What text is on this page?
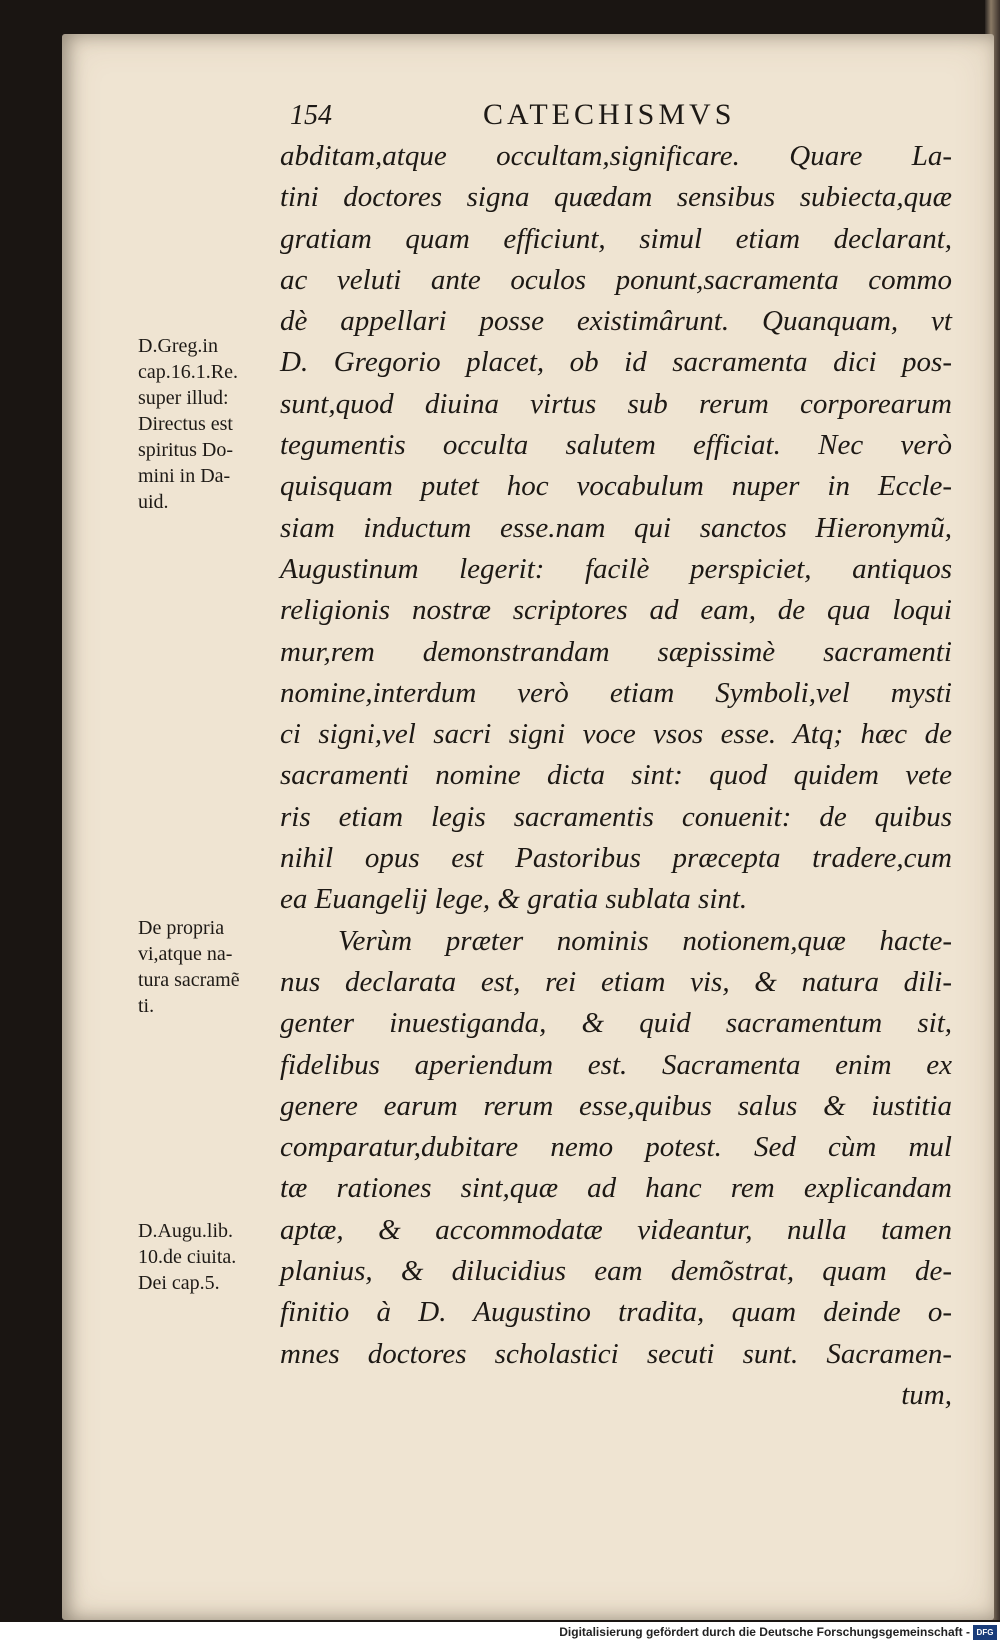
154	CATECHISMVS
abditam,atque occultam,significare. Quare La-
tini doctores signa quædam sensibus subiecta,quæ
gratiam quam efficiunt, simul etiam declarant,
ac veluti ante oculos ponunt,sacramenta commo
dè appellari posse existimârunt. Quanquam, vt
D. Gregorio placet, ob id sacramenta dici pos-
sunt,quod diuina virtus sub rerum corporearum
tegumentis occulta salutem efficiat. Nec verò
quisquam putet hoc vocabulum nuper in Eccle-
siam inductum esse.nam qui sanctos Hieronymũ,
Augustinum legerit: facilè perspiciet, antiquos
religionis nostræ scriptores ad eam, de qua loqui
mur,rem demonstrandam sæpissimè sacramenti
nomine,interdum verò etiam Symboli,vel mysti
ci signi,vel sacri signi voce vsos esse. Atq; hæc de
sacramenti nomine dicta sint: quod quidem vete
ris etiam legis sacramentis conuenit: de quibus
nihil opus est Pastoribus præcepta tradere,cum
ea Euangelij lege, & gratia sublata sint.
Verùm præter nominis notionem,quæ hacte-
nus declarata est, rei etiam vis, & natura dili-
genter inuestiganda, & quid sacramentum sit,
fidelibus aperiendum est. Sacramenta enim ex
genere earum rerum esse,quibus salus & iustitia
comparatur,dubitare nemo potest. Sed cùm mul
tæ rationes sint,quæ ad hanc rem explicandam
aptæ, & accommodatæ videantur, nulla tamen
planius, & dilucidius eam demõstrat, quam de-
finitio à D. Augustino tradita, quam deinde o-
mnes doctores scholastici secuti sunt. Sacramen-
tum,
D.Greg.in
cap.16.1.Re.
super illud:
Directus est
spiritus Do-
mini in Da-
uid.
De propria
vi,atque na-
tura sacramẽ
ti.
D.Augu.lib.
10.de ciuita.
Dei cap.5.
Digitalisierung gefördert durch die Deutsche Forschungsgemeinschaft - DFG
